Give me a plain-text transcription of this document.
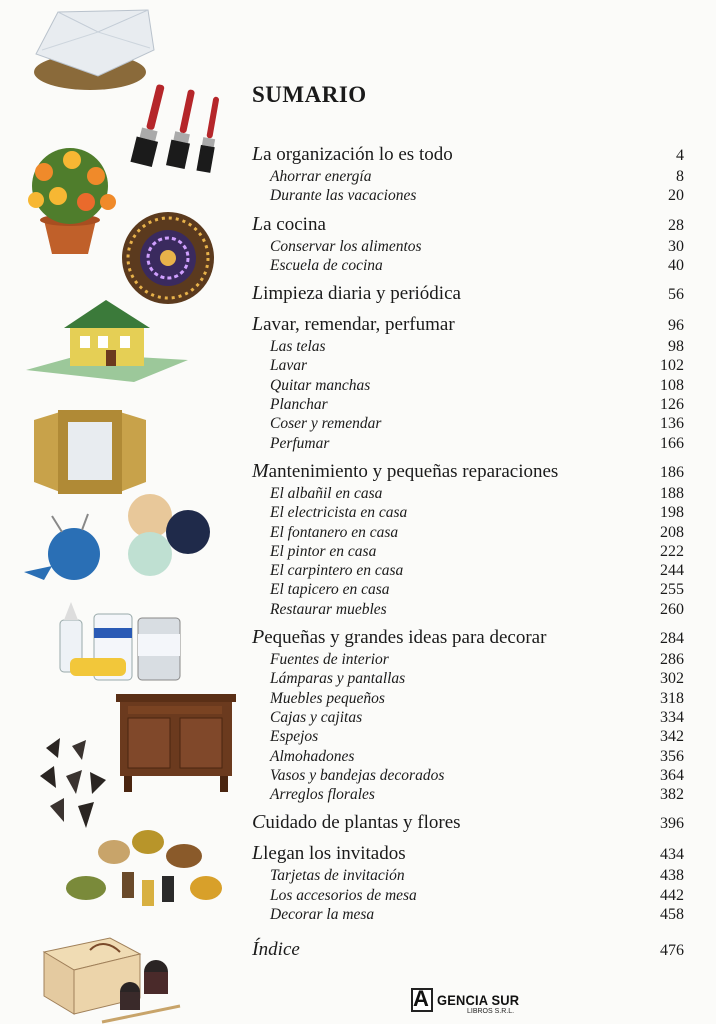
SUMARIO
La organización lo es todo	4
Ahorrar energía	8
Durante las vacaciones	20
La cocina	28
Conservar los alimentos	30
Escuela de cocina	40
Limpieza diaria y periódica	56
Lavar, remendar, perfumar	96
Las telas	98
Lavar	102
Quitar manchas	108
Planchar	126
Coser y remendar	136
Perfumar	166
Mantenimiento y pequeñas reparaciones	186
El albañil en casa	188
El electricista en casa	198
El fontanero en casa	208
El pintor en casa	222
El carpintero en casa	244
El tapicero en casa	255
Restaurar muebles	260
Pequeñas y grandes ideas para decorar	284
Fuentes de interior	286
Lámparas y pantallas	302
Muebles pequeños	318
Cajas y cajitas	334
Espejos	342
Almohadones	356
Vasos y bandejas decorados	364
Arreglos florales	382
Cuidado de plantas y flores	396
Llegan los invitados	434
Tarjetas de invitación	438
Los accesorios de mesa	442
Decorar la mesa	458
Índice	476
A GENCIA SUR
LIBROS S.R.L.
